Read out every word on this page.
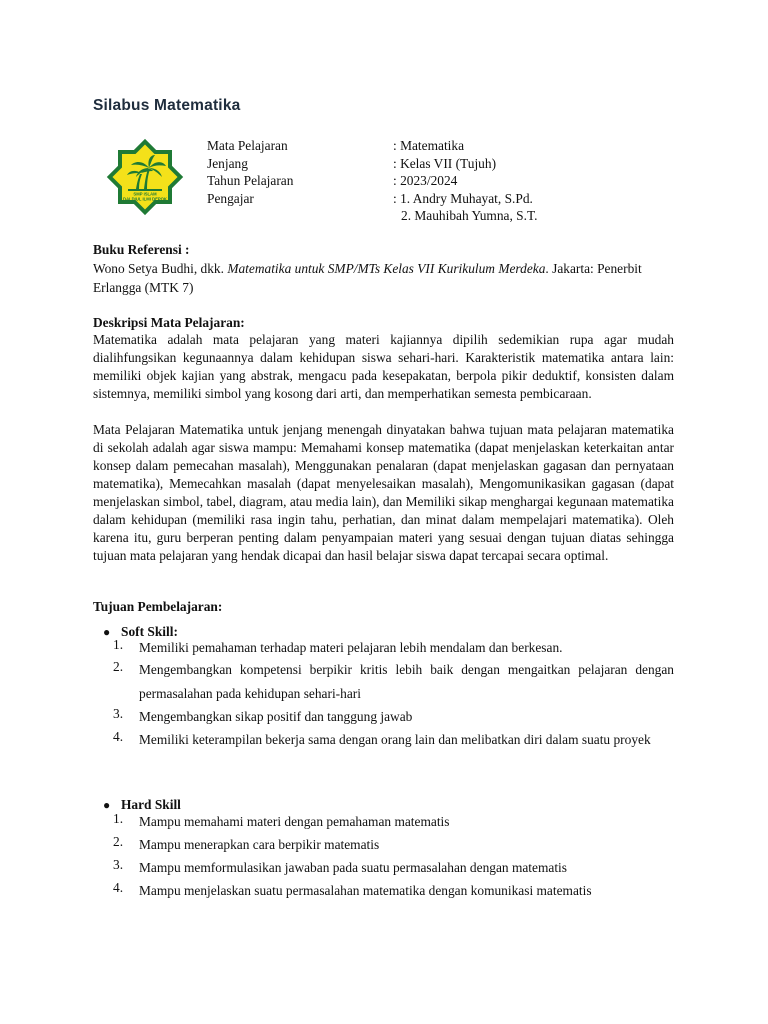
Silabus Matematika
SMP ISLAM
DALDIUL ILMI DEPOK
Mata Pelajaran	: Matematika
Jenjang	: Kelas VII (Tujuh)
Tahun Pelajaran	: 2023/2024
Pengajar	: 1. Andry Muhayat, S.Pd.
2. Mauhibah Yumna, S.T.
Buku Referensi :
Wono Setya Budhi, dkk. Matematika untuk SMP/MTs Kelas VII Kurikulum Merdeka. Jakarta: Penerbit Erlangga (MTK 7)
Deskripsi Mata Pelajaran:
Matematika adalah mata pelajaran yang materi kajiannya dipilih sedemikian rupa agar mudah dialihfungsikan kegunaannya dalam kehidupan siswa sehari-hari. Karakteristik matematika antara lain: memiliki objek kajian yang abstrak, mengacu pada kesepakatan, berpola pikir deduktif, konsisten dalam sistemnya, memiliki simbol yang kosong dari arti, dan memperhatikan semesta pembicaraan.
Mata Pelajaran Matematika untuk jenjang menengah dinyatakan bahwa tujuan mata pelajaran matematika di sekolah adalah agar siswa mampu: Memahami konsep matematika (dapat menjelaskan keterkaitan antar konsep dalam pemecahan masalah), Menggunakan penalaran (dapat menjelaskan gagasan dan pernyataan matematika), Memecahkan masalah (dapat menyelesaikan masalah), Mengomunikasikan gagasan (dapat menjelaskan simbol, tabel, diagram, atau media lain), dan Memiliki sikap menghargai kegunaan matematika dalam kehidupan (memiliki rasa ingin tahu, perhatian, dan minat dalam mempelajari matematika). Oleh karena itu, guru berperan penting dalam penyampaian materi yang sesuai dengan tujuan diatas sehingga tujuan mata pelajaran yang hendak dicapai dan hasil belajar siswa dapat tercapai secara optimal.
Tujuan Pembelajaran:
● Soft Skill:
1.	Memiliki pemahaman terhadap materi pelajaran lebih mendalam dan berkesan.
2.	Mengembangkan kompetensi berpikir kritis lebih baik dengan mengaitkan pelajaran dengan permasalahan pada kehidupan sehari-hari
3.	Mengembangkan sikap positif dan tanggung jawab
4.	Memiliki keterampilan bekerja sama dengan orang lain dan melibatkan diri dalam suatu proyek
● Hard Skill
1.	Mampu memahami materi dengan pemahaman matematis
2.	Mampu menerapkan cara berpikir matematis
3.	Mampu memformulasikan jawaban pada suatu permasalahan dengan matematis
4.	Mampu menjelaskan suatu permasalahan matematika dengan komunikasi matematis
